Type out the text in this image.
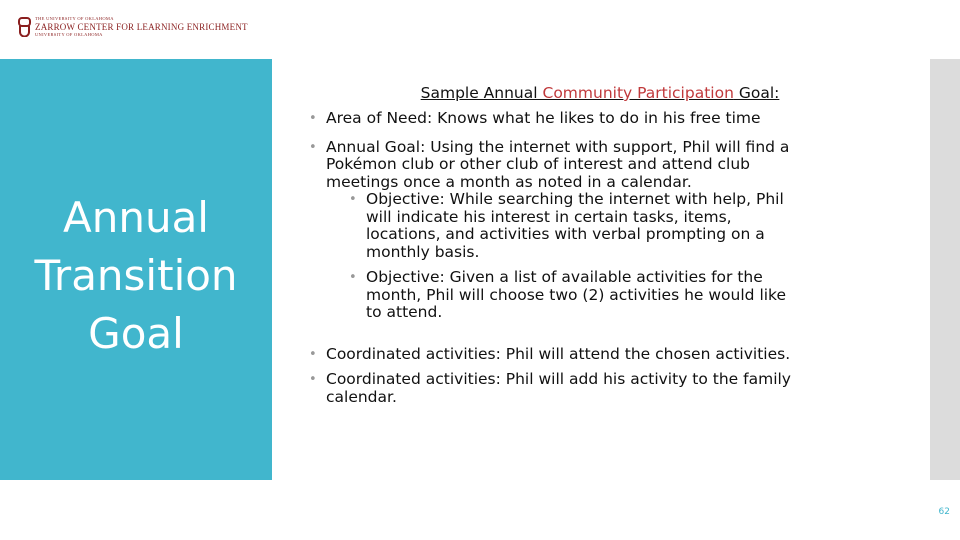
THE UNIVERSITY OF OKLAHOMA
ZARROW CENTER FOR LEARNING ENRICHMENT
UNIVERSITY OF OKLAHOMA
Annual
Transition
Goal

Sample Annual Community Participation Goal:

• Area of Need: Knows what he likes to do in his free time
• Annual Goal: Using the internet with support, Phil will find a
Pokémon club or other club of interest and attend club
meetings once a month as noted in a calendar.
• Objective: While searching the internet with help, Phil
will indicate his interest in certain tasks, items,
locations, and activities with verbal prompting on a
monthly basis.
• Objective: Given a list of available activities for the
month, Phil will choose two (2) activities he would like
to attend.
• Coordinated activities: Phil will attend the chosen activities.
• Coordinated activities: Phil will add his activity to the family
calendar.
62
